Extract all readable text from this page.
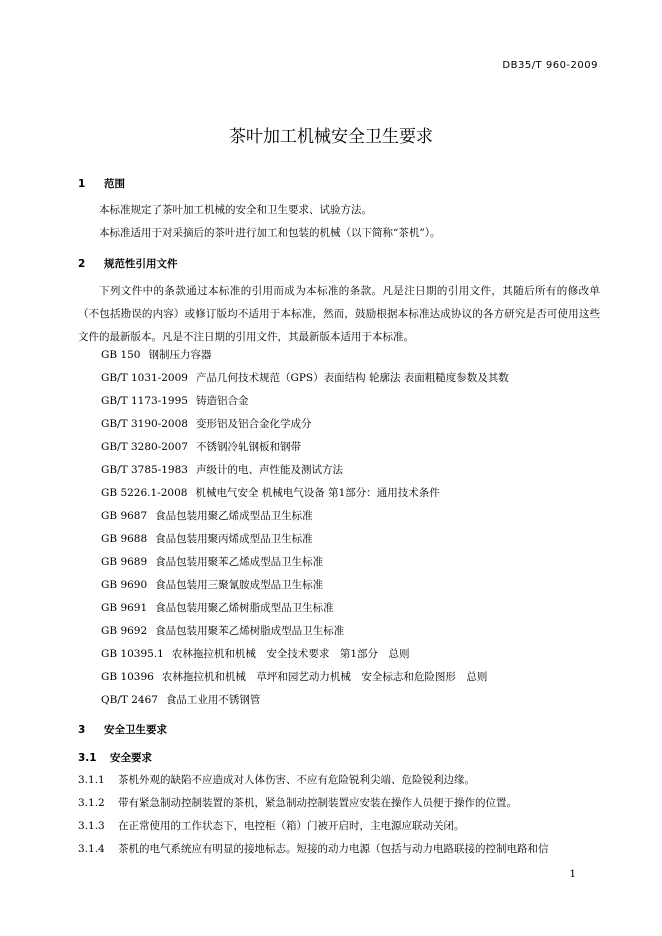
DB35/T 960-2009
茶叶加工机械安全卫生要求
1 范围
本标准规定了茶叶加工机械的安全和卫生要求、试验方法。
本标准适用于对采摘后的茶叶进行加工和包装的机械（以下简称“茶机”）。
2 规范性引用文件
下列文件中的条款通过本标准的引用而成为本标准的条款。凡是注日期的引用文件，其随后所有的修改单（不包括勘误的内容）或修订版均不适用于本标准，然而，鼓励根据本标准达成协议的各方研究是否可使用这些文件的最新版本。凡是不注日期的引用文件，其最新版本适用于本标准。
GB 150 钢制压力容器
GB/T 1031-2009 产品几何技术规范（GPS）表面结构 轮廓法 表面粗糙度参数及其数
GB/T 1173-1995 铸造铝合金
GB/T 3190-2008 变形铝及铝合金化学成分
GB/T 3280-2007 不锈钢冷轧钢板和钢带
GB/T 3785-1983 声级计的电、声性能及测试方法
GB 5226.1-2008 机械电气安全 机械电气设备 第1部分：通用技术条件
GB 9687 食品包装用聚乙烯成型品卫生标准
GB 9688 食品包装用聚丙烯成型品卫生标准
GB 9689 食品包装用聚苯乙烯成型品卫生标准
GB 9690 食品包装用三聚氰胺成型品卫生标准
GB 9691 食品包装用聚乙烯树脂成型品卫生标准
GB 9692 食品包装用聚苯乙烯树脂成型品卫生标准
GB 10395.1 农林拖拉机和机械　安全技术要求　第1部分　总则
GB 10396 农林拖拉机和机械　草坪和园艺动力机械　安全标志和危险图形　总则
QB/T 2467 食品工业用不锈钢管
3 安全卫生要求
3.1 安全要求
3.1.1 茶机外观的缺陷不应造成对人体伤害、不应有危险锐利尖端、危险锐利边缘。
3.1.2 带有紧急制动控制装置的茶机，紧急制动控制装置应安装在操作人员便于操作的位置。
3.1.3 在正常使用的工作状态下，电控柜（箱）门被开启时，主电源应联动关闭。
3.1.4 茶机的电气系统应有明显的接地标志。短接的动力电源（包括与动力电路联接的控制电路和信
1
